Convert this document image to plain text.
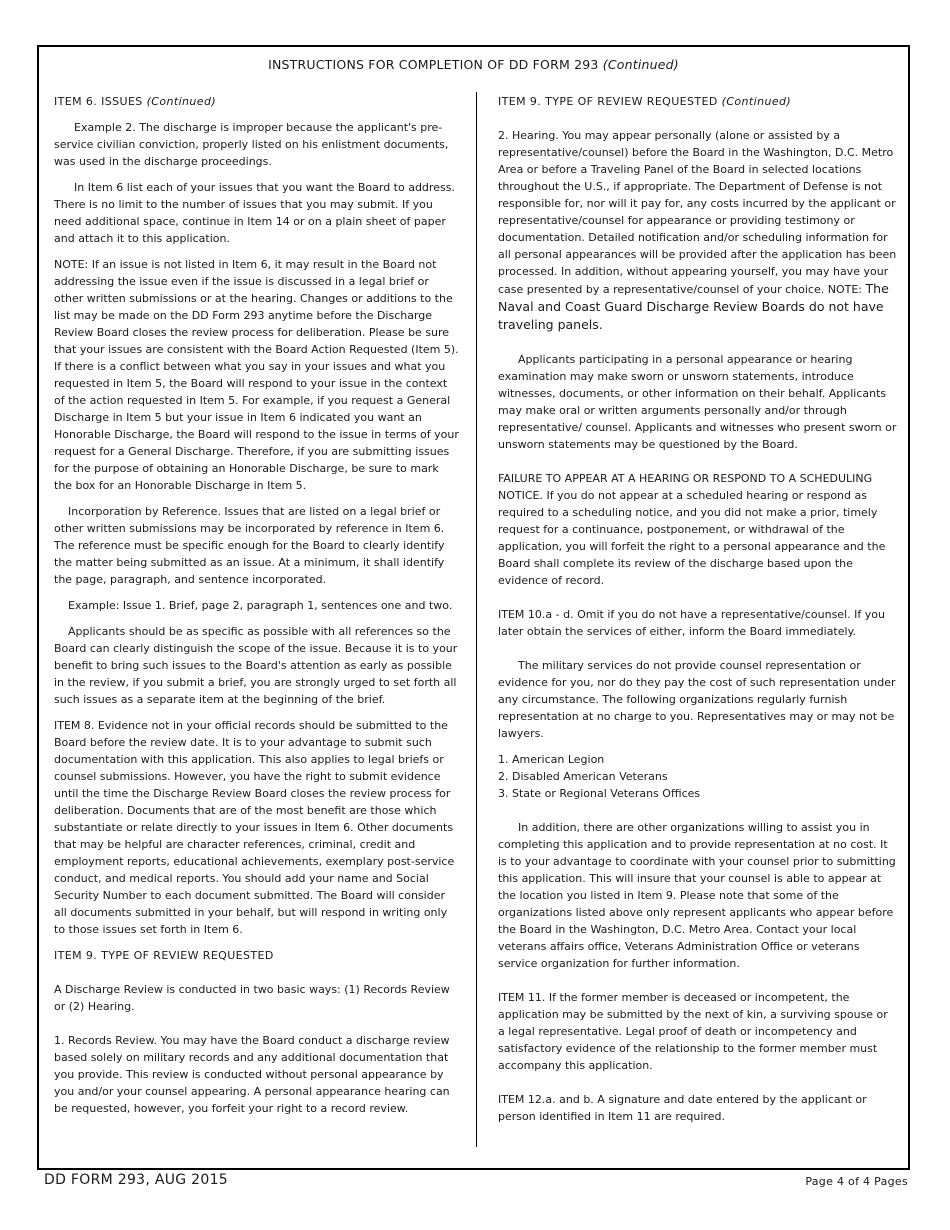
INSTRUCTIONS FOR COMPLETION OF DD FORM 293 (Continued)

ITEM 6. ISSUES (Continued)

Example 2. The discharge is improper because the applicant's pre-service civilian conviction, properly listed on his enlistment documents, was used in the discharge proceedings.

In Item 6 list each of your issues that you want the Board to address. There is no limit to the number of issues that you may submit. If you need additional space, continue in Item 14 or on a plain sheet of paper and attach it to this application.

NOTE: If an issue is not listed in Item 6, it may result in the Board not addressing the issue even if the issue is discussed in a legal brief or other written submissions or at the hearing. Changes or additions to the list may be made on the DD Form 293 anytime before the Discharge Review Board closes the review process for deliberation. Please be sure that your issues are consistent with the Board Action Requested (Item 5). If there is a conflict between what you say in your issues and what you requested in Item 5, the Board will respond to your issue in the context of the action requested in Item 5. For example, if you request a General Discharge in Item 5 but your issue in Item 6 indicated you want an Honorable Discharge, the Board will respond to the issue in terms of your request for a General Discharge. Therefore, if you are submitting issues for the purpose of obtaining an Honorable Discharge, be sure to mark the box for an Honorable Discharge in Item 5.

Incorporation by Reference. Issues that are listed on a legal brief or other written submissions may be incorporated by reference in Item 6. The reference must be specific enough for the Board to clearly identify the matter being submitted as an issue. At a minimum, it shall identify the page, paragraph, and sentence incorporated.

Example: Issue 1. Brief, page 2, paragraph 1, sentences one and two.

Applicants should be as specific as possible with all references so the Board can clearly distinguish the scope of the issue. Because it is to your benefit to bring such issues to the Board's attention as early as possible in the review, if you submit a brief, you are strongly urged to set forth all such issues as a separate item at the beginning of the brief.

ITEM 8. Evidence not in your official records should be submitted to the Board before the review date. It is to your advantage to submit such documentation with this application. This also applies to legal briefs or counsel submissions. However, you have the right to submit evidence until the time the Discharge Review Board closes the review process for deliberation. Documents that are of the most benefit are those which substantiate or relate directly to your issues in Item 6. Other documents that may be helpful are character references, criminal, credit and employment reports, educational achievements, exemplary post-service conduct, and medical reports. You should add your name and Social Security Number to each document submitted. The Board will consider all documents submitted in your behalf, but will respond in writing only to those issues set forth in Item 6.

ITEM 9. TYPE OF REVIEW REQUESTED

A Discharge Review is conducted in two basic ways: (1) Records Review or (2) Hearing.

1. Records Review. You may have the Board conduct a discharge review based solely on military records and any additional documentation that you provide. This review is conducted without personal appearance by you and/or your counsel appearing. A personal appearance hearing can be requested, however, you forfeit your right to a record review.

ITEM 9. TYPE OF REVIEW REQUESTED (Continued)

2. Hearing. You may appear personally (alone or assisted by a representative/counsel) before the Board in the Washington, D.C. Metro Area or before a Traveling Panel of the Board in selected locations throughout the U.S., if appropriate. The Department of Defense is not responsible for, nor will it pay for, any costs incurred by the applicant or representative/counsel for appearance or providing testimony or documentation. Detailed notification and/or scheduling information for all personal appearances will be provided after the application has been processed. In addition, without appearing yourself, you may have your case presented by a representative/counsel of your choice. NOTE: The Naval and Coast Guard Discharge Review Boards do not have traveling panels.

Applicants participating in a personal appearance or hearing examination may make sworn or unsworn statements, introduce witnesses, documents, or other information on their behalf. Applicants may make oral or written arguments personally and/or through representative/ counsel. Applicants and witnesses who present sworn or unsworn statements may be questioned by the Board.

FAILURE TO APPEAR AT A HEARING OR RESPOND TO A SCHEDULING NOTICE. If you do not appear at a scheduled hearing or respond as required to a scheduling notice, and you did not make a prior, timely request for a continuance, postponement, or withdrawal of the application, you will forfeit the right to a personal appearance and the Board shall complete its review of the discharge based upon the evidence of record.

ITEM 10.a - d. Omit if you do not have a representative/counsel. If you later obtain the services of either, inform the Board immediately.

The military services do not provide counsel representation or evidence for you, nor do they pay the cost of such representation under any circumstance. The following organizations regularly furnish representation at no charge to you. Representatives may or may not be lawyers.

1. American Legion
2. Disabled American Veterans
3. State or Regional Veterans Offices

In addition, there are other organizations willing to assist you in completing this application and to provide representation at no cost. It is to your advantage to coordinate with your counsel prior to submitting this application. This will insure that your counsel is able to appear at the location you listed in Item 9. Please note that some of the organizations listed above only represent applicants who appear before the Board in the Washington, D.C. Metro Area. Contact your local veterans affairs office, Veterans Administration Office or veterans service organization for further information.

ITEM 11. If the former member is deceased or incompetent, the application may be submitted by the next of kin, a surviving spouse or a legal representative. Legal proof of death or incompetency and satisfactory evidence of the relationship to the former member must accompany this application.

ITEM 12.a. and b. A signature and date entered by the applicant or person identified in Item 11 are required.

DD FORM 293, AUG 2015	Page 4 of 4 Pages
